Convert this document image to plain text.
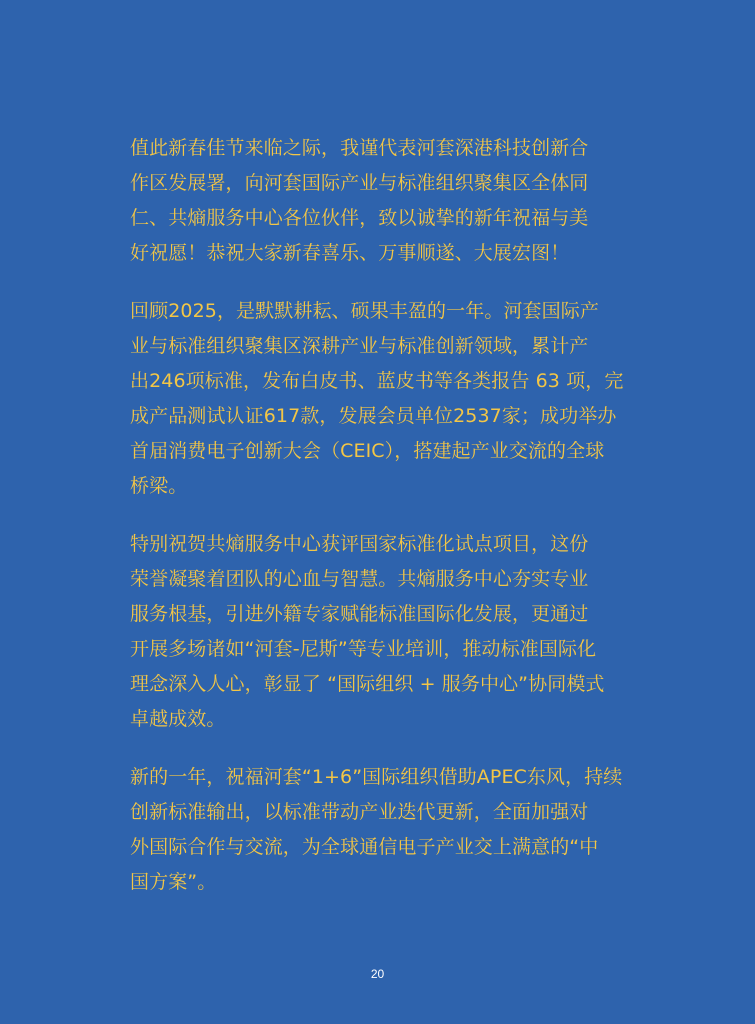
值此新春佳节来临之际，我谨代表河套深港科技创新合
作区发展署，向河套国际产业与标准组织聚集区全体同
仁、共熵服务中心各位伙伴，致以诚挚的新年祝福与美
好祝愿！恭祝大家新春喜乐、万事顺遂、大展宏图！

回顾2025，是默默耕耘、硕果丰盈的一年。河套国际产
业与标准组织聚集区深耕产业与标准创新领域，累计产
出246项标准，发布白皮书、蓝皮书等各类报告 63 项，完
成产品测试认证617款，发展会员单位2537家；成功举办
首届消费电子创新大会（CEIC），搭建起产业交流的全球
桥梁。

特别祝贺共熵服务中心获评国家标准化试点项目，这份
荣誉凝聚着团队的心血与智慧。共熵服务中心夯实专业
服务根基，引进外籍专家赋能标准国际化发展，更通过
开展多场诸如“河套-尼斯”等专业培训，推动标准国际化
理念深入人心，彰显了 “国际组织 + 服务中心”协同模式
卓越成效。

新的一年，祝福河套“1+6”国际组织借助APEC东风，持续
创新标准输出，以标准带动产业迭代更新，全面加强对
外国际合作与交流，为全球通信电子产业交上满意的“中
国方案”。

20
